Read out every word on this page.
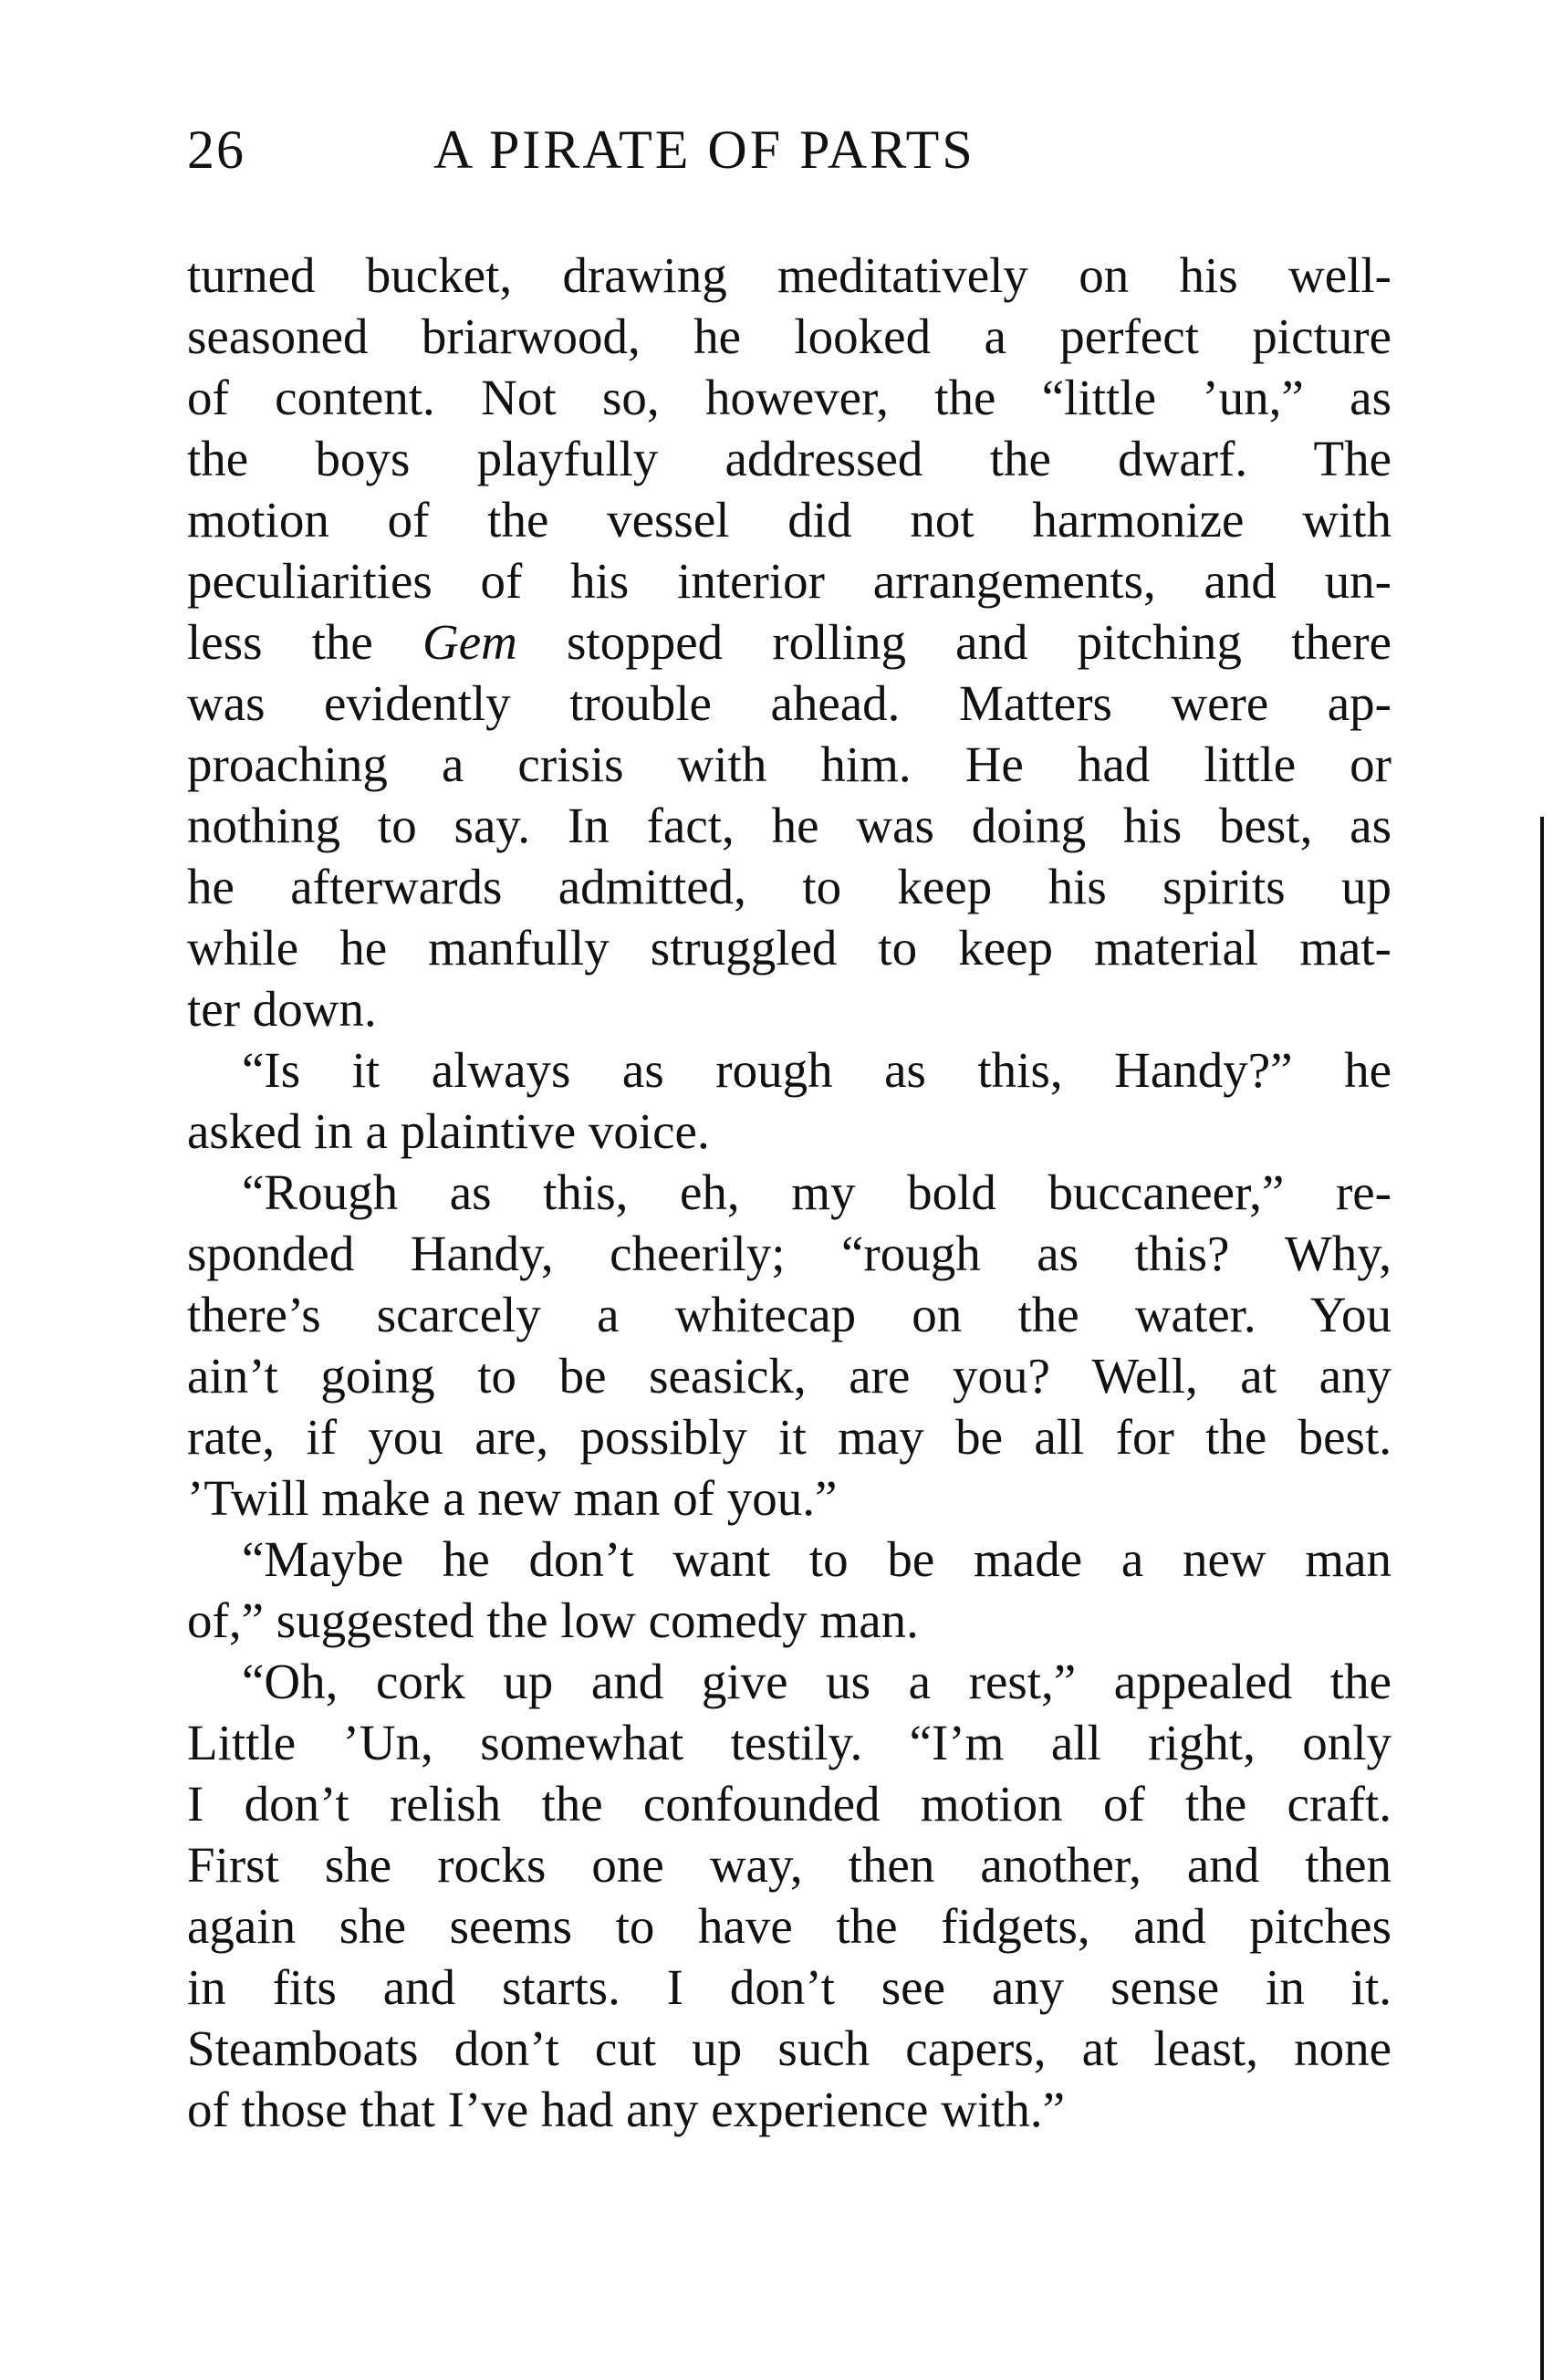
26	A PIRATE OF PARTS
turned bucket, drawing meditatively on his well-
seasoned briarwood, he looked a perfect picture
of content. Not so, however, the “little ’un,” as
the boys playfully addressed the dwarf. The
motion of the vessel did not harmonize with
peculiarities of his interior arrangements, and un-
less the Gem stopped rolling and pitching there
was evidently trouble ahead. Matters were ap-
proaching a crisis with him. He had little or
nothing to say. In fact, he was doing his best, as
he afterwards admitted, to keep his spirits up
while he manfully struggled to keep material mat-
ter down.
“Is it always as rough as this, Handy?” he
asked in a plaintive voice.
“Rough as this, eh, my bold buccaneer,” re-
sponded Handy, cheerily; “rough as this? Why,
there’s scarcely a whitecap on the water. You
ain’t going to be seasick, are you? Well, at any
rate, if you are, possibly it may be all for the best.
’Twill make a new man of you.”
“Maybe he don’t want to be made a new man
of,” suggested the low comedy man.
“Oh, cork up and give us a rest,” appealed the
Little ’Un, somewhat testily. “I’m all right, only
I don’t relish the confounded motion of the craft.
First she rocks one way, then another, and then
again she seems to have the fidgets, and pitches
in fits and starts. I don’t see any sense in it.
Steamboats don’t cut up such capers, at least, none
of those that I’ve had any experience with.”
